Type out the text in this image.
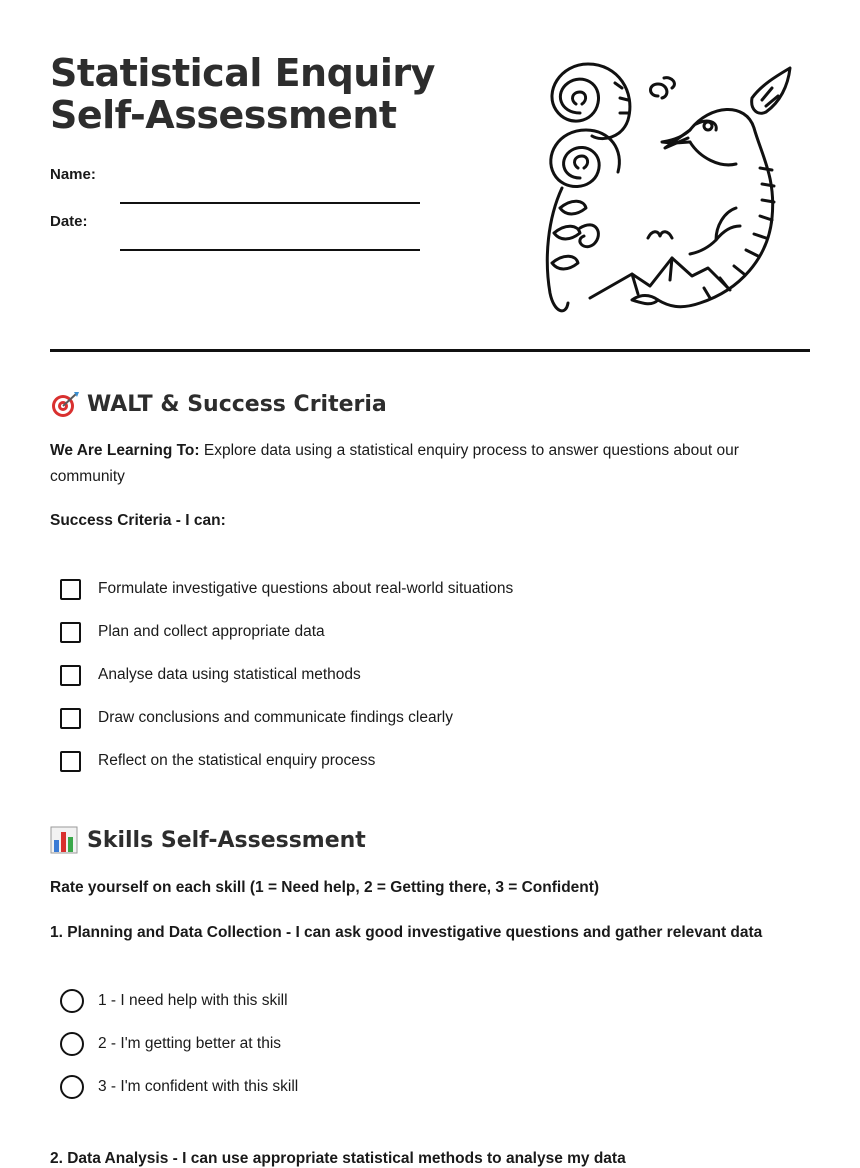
Statistical Enquiry Self-Assessment
Name:
Date:
WALT & Success Criteria

We Are Learning To: Explore data using a statistical enquiry process to answer questions about our community

Success Criteria - I can:

Formulate investigative questions about real-world situations
Plan and collect appropriate data
Analyse data using statistical methods
Draw conclusions and communicate findings clearly
Reflect on the statistical enquiry process
Skills Self-Assessment

Rate yourself on each skill (1 = Need help, 2 = Getting there, 3 = Confident)

1. Planning and Data Collection - I can ask good investigative questions and gather relevant data

1 - I need help with this skill
2 - I'm getting better at this
3 - I'm confident with this skill

2. Data Analysis - I can use appropriate statistical methods to analyse my data
